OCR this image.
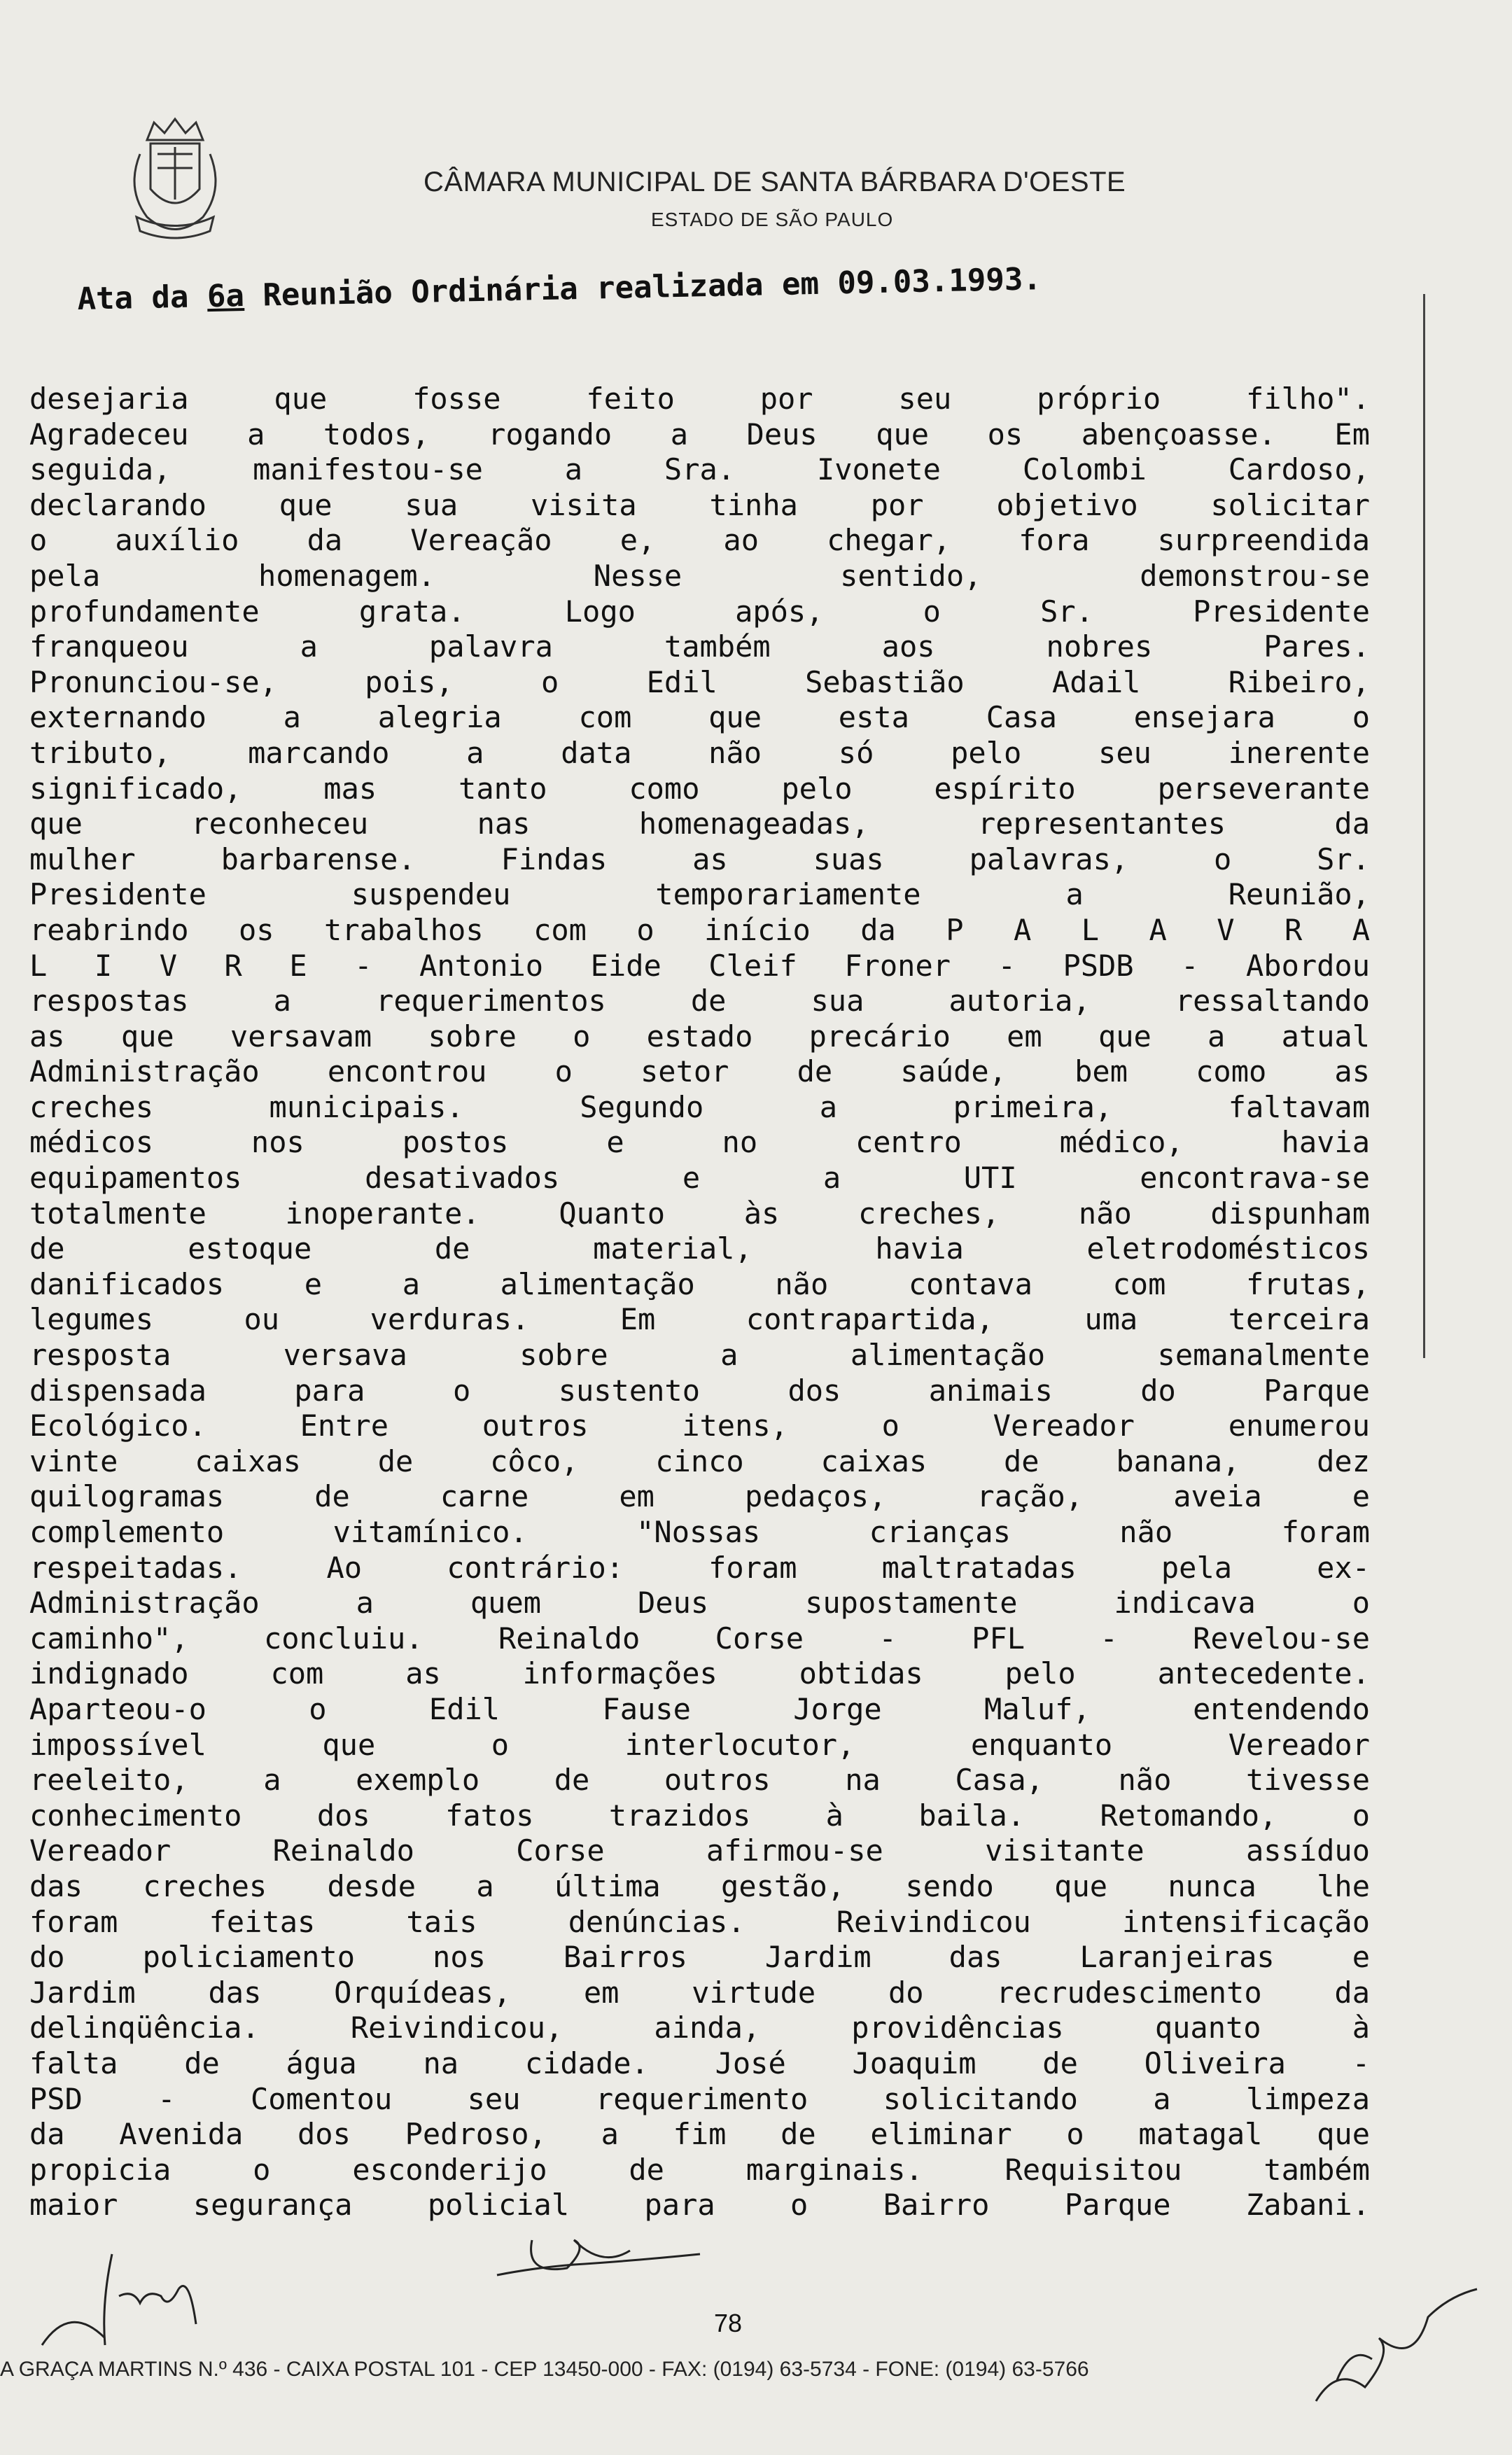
CÂMARA MUNICIPAL DE SANTA BÁRBARA D'OESTE
ESTADO DE SÃO PAULO
Ata da 6a Reunião Ordinária realizada em 09.03.1993.
desejaria que fosse feito por seu próprio filho".
Agradeceu a todos, rogando a Deus que os abençoasse. Em
seguida, manifestou-se a Sra. Ivonete Colombi Cardoso,
declarando que sua visita tinha por objetivo solicitar
o auxílio da Vereação e, ao chegar, fora surpreendida
pela homenagem. Nesse sentido, demonstrou-se
profundamente grata. Logo após, o Sr. Presidente
franqueou a palavra também aos nobres Pares.
Pronunciou-se, pois, o Edil Sebastião Adail Ribeiro,
externando a alegria com que esta Casa ensejara o
tributo, marcando a data não só pelo seu inerente
significado, mas tanto como pelo espírito perseverante
que reconheceu nas homenageadas, representantes da
mulher barbarense. Findas as suas palavras, o Sr.
Presidente suspendeu temporariamente a Reunião,
reabrindo os trabalhos com o início da P A L A V R A
L I V R E - Antonio Eide Cleif Froner - PSDB - Abordou
respostas a requerimentos de sua autoria, ressaltando
as que versavam sobre o estado precário em que a atual
Administração encontrou o setor de saúde, bem como as
creches municipais. Segundo a primeira, faltavam
médicos nos postos e no centro médico, havia
equipamentos desativados e a UTI encontrava-se
totalmente inoperante. Quanto às creches, não dispunham
de estoque de material, havia eletrodomésticos
danificados e a alimentação não contava com frutas,
legumes ou verduras. Em contrapartida, uma terceira
resposta versava sobre a alimentação semanalmente
dispensada para o sustento dos animais do Parque
Ecológico. Entre outros itens, o Vereador enumerou
vinte caixas de côco, cinco caixas de banana, dez
quilogramas de carne em pedaços, ração, aveia e
complemento vitamínico. "Nossas crianças não foram
respeitadas. Ao contrário: foram maltratadas pela ex-
Administração a quem Deus supostamente indicava o
caminho", concluiu. Reinaldo Corse - PFL - Revelou-se
indignado com as informações obtidas pelo antecedente.
Aparteou-o o Edil Fause Jorge Maluf, entendendo
impossível que o interlocutor, enquanto Vereador
reeleito, a exemplo de outros na Casa, não tivesse
conhecimento dos fatos trazidos à baila. Retomando, o
Vereador Reinaldo Corse afirmou-se visitante assíduo
das creches desde a última gestão, sendo que nunca lhe
foram feitas tais denúncias. Reivindicou intensificação
do policiamento nos Bairros Jardim das Laranjeiras e
Jardim das Orquídeas, em virtude do recrudescimento da
delinqüência. Reivindicou, ainda, providências quanto à
falta de água na cidade. José Joaquim de Oliveira -
PSD - Comentou seu requerimento solicitando a limpeza
da Avenida dos Pedroso, a fim de eliminar o matagal que
propicia o esconderijo de marginais. Requisitou também
maior segurança policial para o Bairro Parque Zabani.
78
A GRAÇA MARTINS N.º 436 - CAIXA POSTAL 101 - CEP 13450-000 - FAX: (0194) 63-5734 - FONE: (0194) 63-5766
